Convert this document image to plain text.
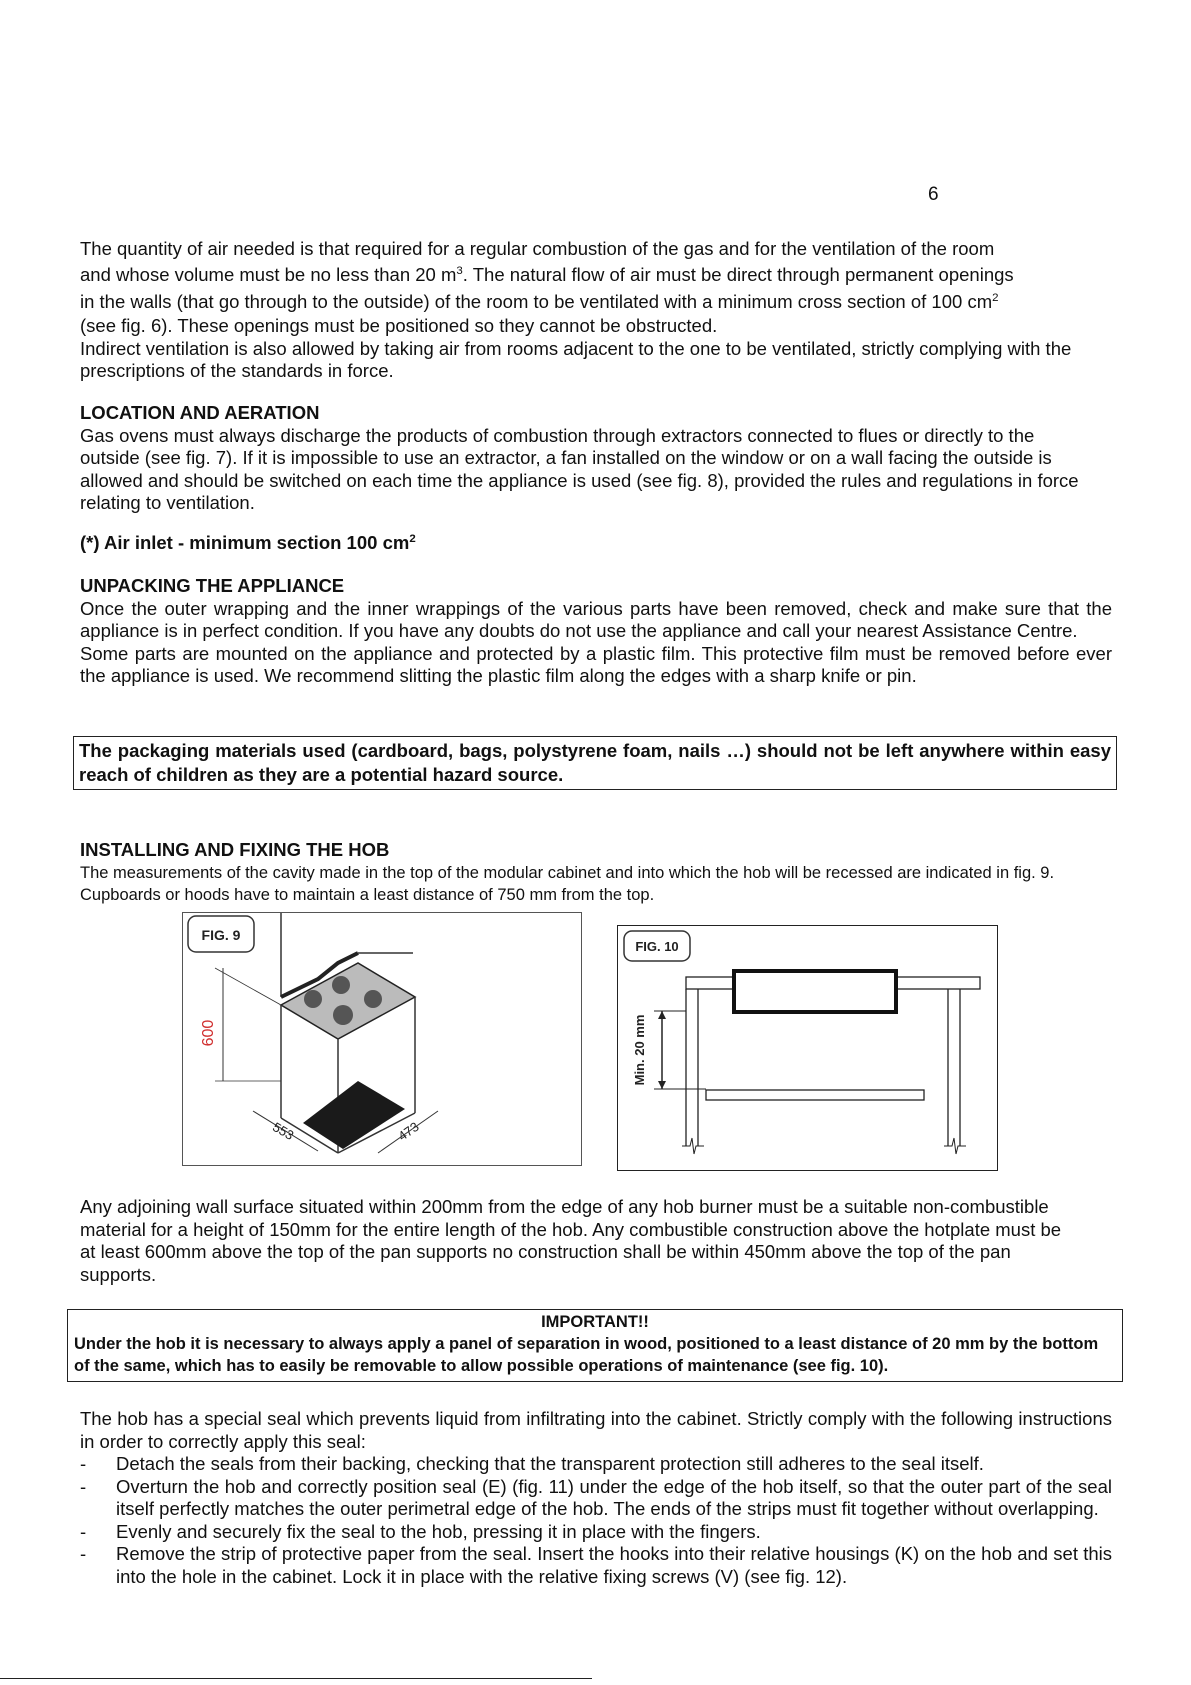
6

The quantity of air needed is that required for a regular combustion of the gas and for the ventilation of the room

and whose volume must be no less than 20 $m^3$. The natural flow of air must be direct through permanent openings

in the walls (that go through to the outside) of the room to be ventilated with a minimum cross section of 100 $cm^2$

(see fig. 6). These openings must be positioned so they cannot be obstructed.

Indirect ventilation is also allowed by taking air from rooms adjacent to the one to be ventilated, strictly complying with the prescriptions of the standards in force.

LOCATION AND AERATION

Gas ovens must always discharge the products of combustion through extractors connected to flues or directly to the outside (see fig. 7). If it is impossible to use an extractor, a fan installed on the window or on a wall facing the outside is allowed and should be switched on each time the appliance is used (see fig. 8), provided the rules and regulations in force relating to ventilation.

(*) Air inlet - minimum section 100 $cm^2$

UNPACKING THE APPLIANCE

Once the outer wrapping and the inner wrappings of the various parts have been removed, check and make sure that the appliance is in perfect condition. If you have any doubts do not use the appliance and call your nearest Assistance Centre.

Some parts are mounted on the appliance and protected by a plastic film. This protective film must be removed before ever the appliance is used. We recommend slitting the plastic film along the edges with a sharp knife or pin.

The packaging materials used (cardboard, bags, polystyrene foam, nails …) should not be left anywhere within easy reach of children as they are a potential hazard source.

INSTALLING AND FIXING THE HOB

The measurements of the cavity made in the top of the modular cabinet and into which the hob will be recessed are indicated in fig. 9. Cupboards or hoods have to maintain a least distance of 750 mm from the top.

FIG. 9
600
553	473
FIG. 10
Min. 20 mm
Any adjoining wall surface situated within 200mm from the edge of any hob burner must be a suitable non-combustible material for a height of 150mm for the entire length of the hob. Any combustible construction above the hotplate must be at least 600mm above the top of the pan supports no construction shall be within 450mm above the top of the pan supports.
IMPORTANT!!
Under the hob it is necessary to always apply a panel of separation in wood, positioned to a least distance of 20 mm by the bottom of the same, which has to easily be removable to allow possible operations of maintenance (see fig. 10).

The hob has a special seal which prevents liquid from infiltrating into the cabinet. Strictly comply with the following instructions in order to correctly apply this seal:

- Detach the seals from their backing, checking that the transparent protection still adheres to the seal itself.
- Overturn the hob and correctly position seal (E) (fig. 11) under the edge of the hob itself, so that the outer part of the seal itself perfectly matches the outer perimetral edge of the hob. The ends of the strips must fit together without overlapping.
- Evenly and securely fix the seal to the hob, pressing it in place with the fingers.
- Remove the strip of protective paper from the seal. Insert the hooks into their relative housings (K) on the hob and set this into the hole in the cabinet. Lock it in place with the relative fixing screws (V) (see fig. 12).
